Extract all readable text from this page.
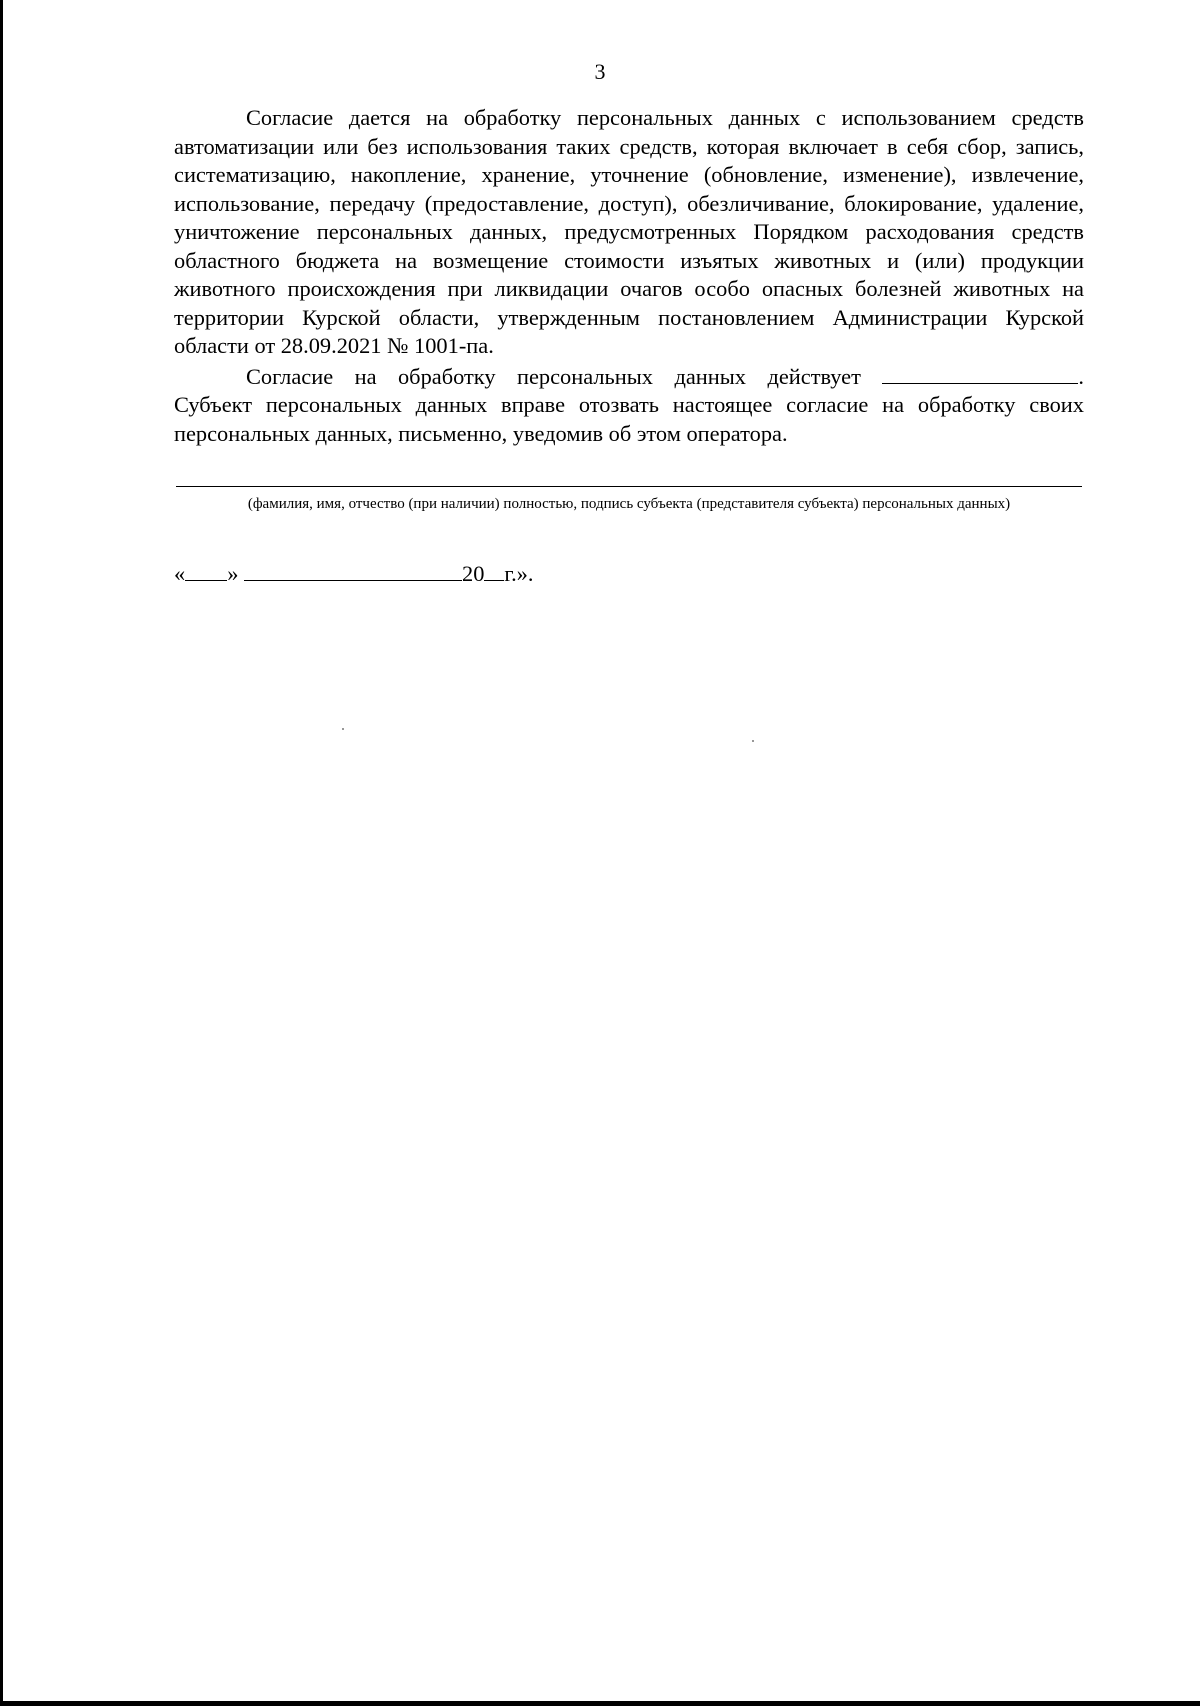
3

Согласие дается на обработку персональных данных с использованием средств автоматизации или без использования таких средств, которая включает в себя сбор, запись, систематизацию, накопление, хранение, уточнение (обновление, изменение), извлечение, использование, передачу (предоставление, доступ), обезличивание, блокирование, удаление, уничтожение персональных данных, предусмотренных Порядком расходования средств областного бюджета на возмещение стоимости изъятых животных и (или) продукции животного происхождения при ликвидации очагов особо опасных болезней животных на территории Курской области, утвержденным постановлением Администрации Курской области от 28.09.2021 № 1001-па.

Согласие на обработку персональных данных действует	.

Субъект персональных данных вправе отозвать настоящее согласие на обработку своих персональных данных, письменно, уведомив об этом оператора.

(фамилия, имя, отчество (при наличии) полностью, подпись субъекта (представителя субъекта) персональных данных)
« »	20 г.».
